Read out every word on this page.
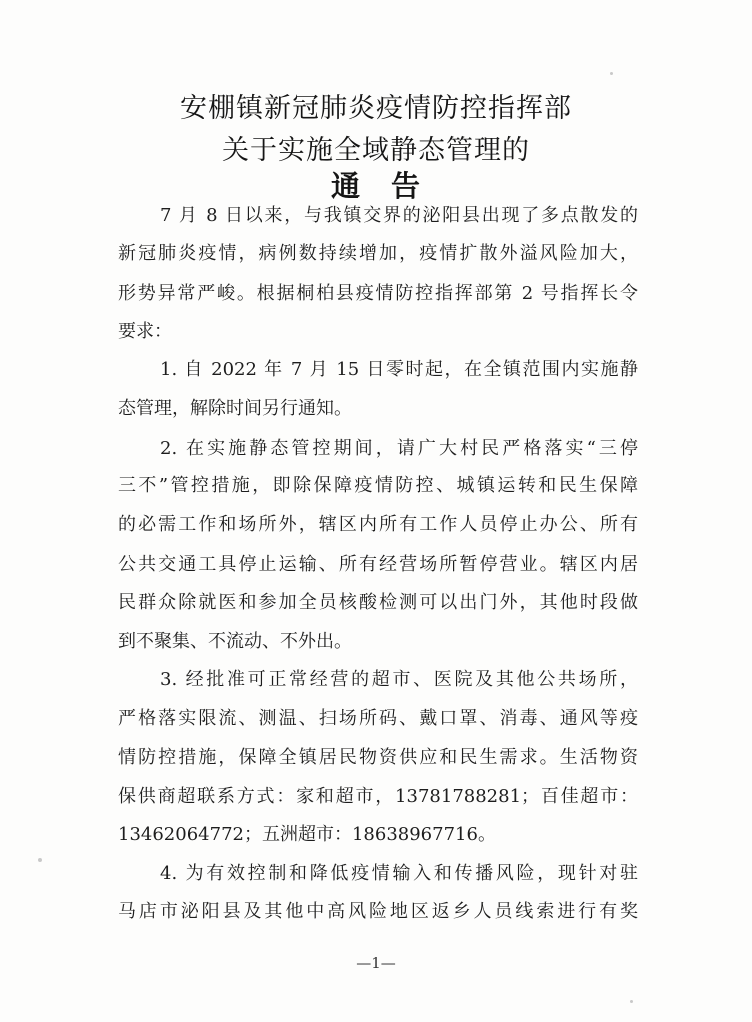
安棚镇新冠肺炎疫情防控指挥部
关于实施全域静态管理的
通　告
7 月 8 日以来，与我镇交界的泌阳县出现了多点散发的
新冠肺炎疫情，病例数持续增加，疫情扩散外溢风险加大，
形势异常严峻。根据桐柏县疫情防控指挥部第 2 号指挥长令
要求：
1. 自 2022 年 7 月 15 日零时起，在全镇范围内实施静
态管理，解除时间另行通知。
2. 在实施静态管控期间，请广大村民严格落实“三停
三不”管控措施，即除保障疫情防控、城镇运转和民生保障
的必需工作和场所外，辖区内所有工作人员停止办公、所有
公共交通工具停止运输、所有经营场所暂停营业。辖区内居
民群众除就医和参加全员核酸检测可以出门外，其他时段做
到不聚集、不流动、不外出。
3. 经批准可正常经营的超市、医院及其他公共场所，
严格落实限流、测温、扫场所码、戴口罩、消毒、通风等疫
情防控措施，保障全镇居民物资供应和民生需求。生活物资
保供商超联系方式：家和超市，13781788281；百佳超市：
13462064772；五洲超市：18638967716。
4. 为有效控制和降低疫情输入和传播风险，现针对驻
马店市泌阳县及其他中高风险地区返乡人员线索进行有奖
—1—
